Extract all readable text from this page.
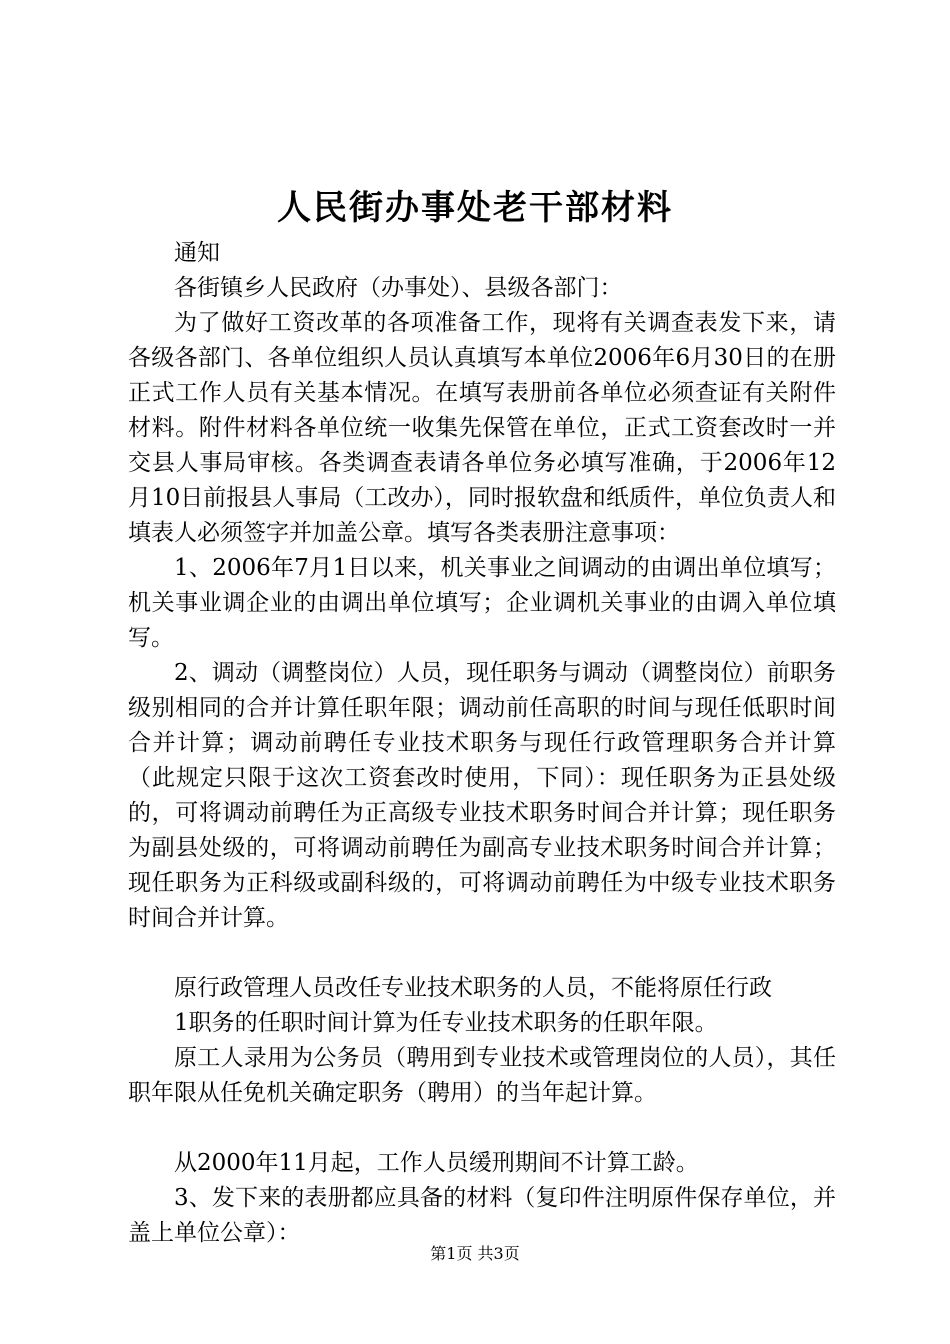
人民街办事处老干部材料

通知

各街镇乡人民政府（办事处）、县级各部门：

为了做好工资改革的各项准备工作，现将有关调查表发下来，请各级各部门、各单位组织人员认真填写本单位2006年6月30日的在册正式工作人员有关基本情况。在填写表册前各单位必须查证有关附件材料。附件材料各单位统一收集先保管在单位，正式工资套改时一并交县人事局审核。各类调查表请各单位务必填写准确，于2006年12月10日前报县人事局（工改办），同时报软盘和纸质件，单位负责人和填表人必须签字并加盖公章。填写各类表册注意事项：

1、2006年7月1日以来，机关事业之间调动的由调出单位填写；机关事业调企业的由调出单位填写；企业调机关事业的由调入单位填写。

2、调动（调整岗位）人员，现任职务与调动（调整岗位）前职务级别相同的合并计算任职年限；调动前任高职的时间与现任低职时间合并计算；调动前聘任专业技术职务与现任行政管理职务合并计算（此规定只限于这次工资套改时使用，下同）：现任职务为正县处级的，可将调动前聘任为正高级专业技术职务时间合并计算；现任职务为副县处级的，可将调动前聘任为副高专业技术职务时间合并计算；现任职务为正科级或副科级的，可将调动前聘任为中级专业技术职务时间合并计算。

原行政管理人员改任专业技术职务的人员，不能将原任行政

1职务的任职时间计算为任专业技术职务的任职年限。

原工人录用为公务员（聘用到专业技术或管理岗位的人员），其任职年限从任免机关确定职务（聘用）的当年起计算。

从2000年11月起，工作人员缓刑期间不计算工龄。

3、发下来的表册都应具备的材料（复印件注明原件保存单位，并盖上单位公章）：

第1页 共3页
